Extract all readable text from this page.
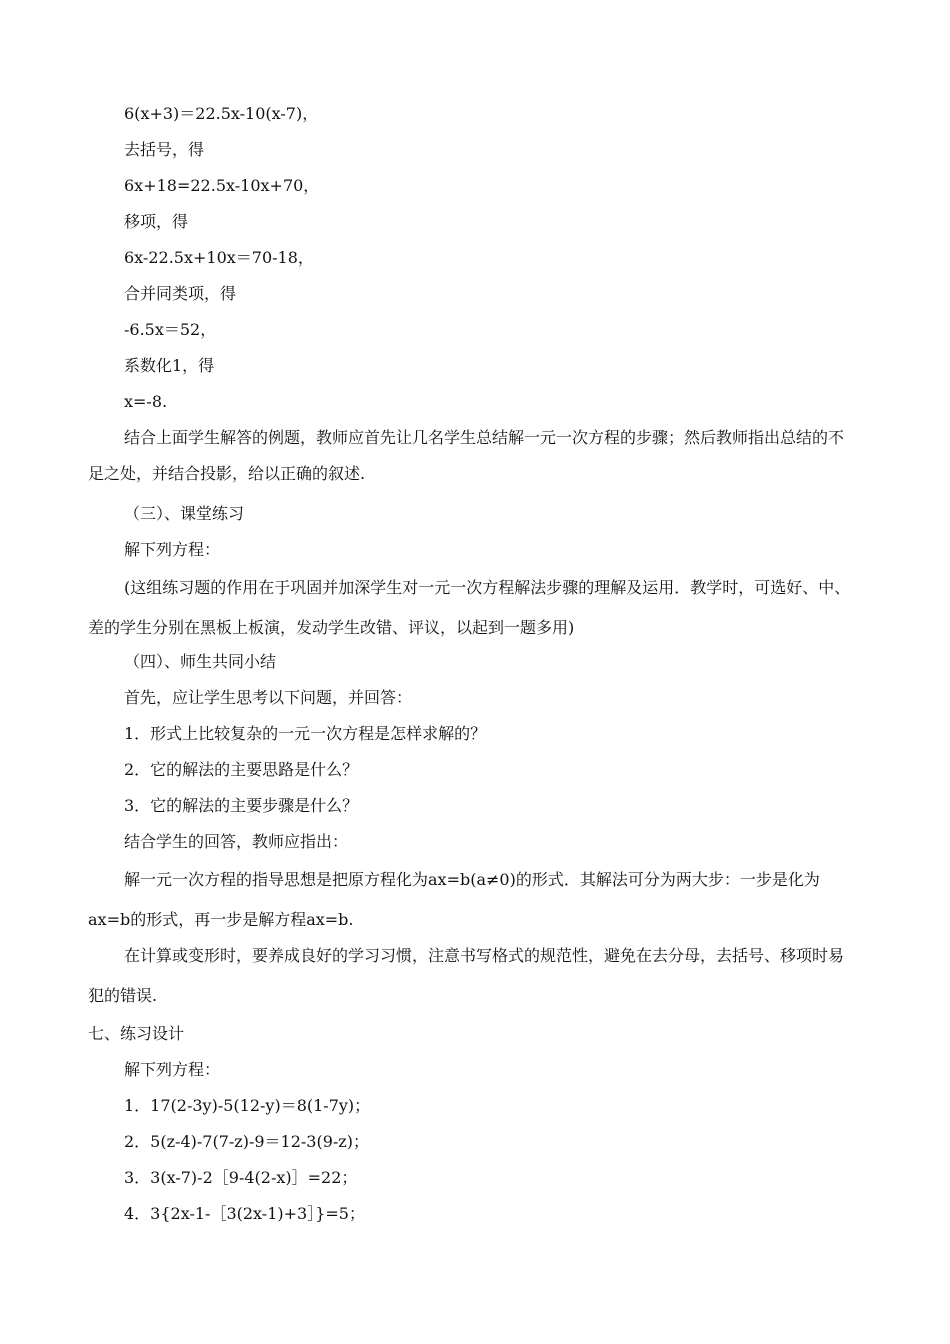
6(x+3)＝22.5x-10(x-7)，
去括号，得
6x+18=22.5x-10x+70，
移项，得
6x-22.5x+10x＝70-18，
合并同类项，得
-6.5x＝52，
系数化1，得
x=-8.
结合上面学生解答的例题，教师应首先让几名学生总结解一元一次方程的步骤；然后教师指出总结的不足之处，并结合投影，给以正确的叙述.
（三）、课堂练习
解下列方程：
(这组练习题的作用在于巩固并加深学生对一元一次方程解法步骤的理解及运用．教学时，可选好、中、差的学生分别在黑板上板演，发动学生改错、评议，以起到一题多用)
（四）、师生共同小结
首先，应让学生思考以下问题，并回答：
1．形式上比较复杂的一元一次方程是怎样求解的？
2．它的解法的主要思路是什么？
3．它的解法的主要步骤是什么？
结合学生的回答，教师应指出：
解一元一次方程的指导思想是把原方程化为ax=b(a≠0)的形式．其解法可分为两大步：一步是化为ax=b的形式，再一步是解方程ax=b.
在计算或变形时，要养成良好的学习习惯，注意书写格式的规范性，避免在去分母，去括号、移项时易犯的错误.
七、练习设计
解下列方程：
1．17(2-3y)-5(12-y)＝8(1-7y)；
2．5(z-4)-7(7-z)-9＝12-3(9-z)；
3．3(x-7)-2［9-4(2-x)］=22；
4．3{2x-1-［3(2x-1)+3］}=5；
